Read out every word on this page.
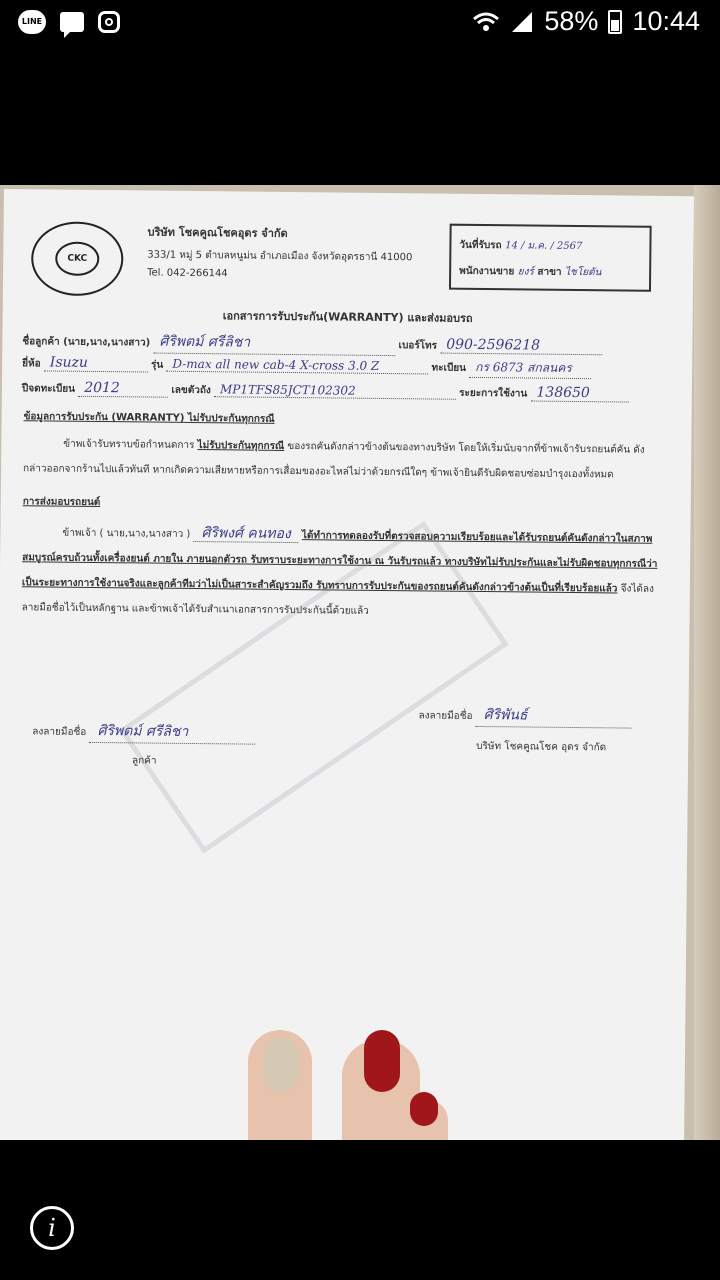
LINE	58% 10:44
CKC
บริษัท โชคคูณโชคอุดร จำกัด
333/1 หมู่ 5 ตำบลหนูม่น อำเภอเมือง จังหวัดอุดรธานี 41000
Tel. 042-266144
วันที่รับรถ 14 / ม.ค. / 2567
พนักงานขาย ยงร์ สาขา ไชโยตัน
เอกสารการรับประกัน(WARRANTY) และส่งมอบรถ
ชื่อลูกค้า (นาย,นาง,นางสาว) ศิริพตม์ ศรีลิชา	เบอร์โทร 090-2596218
ยี่ห้อ Isuzu	รุ่น D-max all new cab-4 X-cross 3.0 Z	ทะเบียน กร 6873 สกลนคร
ปีจดทะเบียน 2012	เลขตัวถัง MP1TFS85JCT102302	ระยะการใช้งาน 138650
ข้อมูลการรับประกัน (WARRANTY) ไม่รับประกันทุกกรณี
ข้าพเจ้ารับทราบข้อกำหนดการ ไม่รับประกันทุกกรณี ของรถคันดังกล่าวข้างต้นของทางบริษัท โดยให้เริ่มนับจากที่ข้าพเจ้ารับรถยนต์คัน ดังกล่าวออกจากร้านไปแล้วทันที หากเกิดความเสียหายหรือการเสื่อมของอะไหล่ไม่ว่าด้วยกรณีใดๆ ข้าพเจ้ายินดีรับผิดชอบซ่อมบำรุงเองทั้งหมด
การส่งมอบรถยนต์
ข้าพเจ้า ( นาย,นาง,นางสาว ) ศิริพงศ์ คนทอง ได้ทำการทดลองรับที่ตรวจสอบความเรียบร้อยและได้รับรถยนต์คันดังกล่าวในสภาพสมบูรณ์ครบถ้วนทั้งเครื่องยนต์ ภายใน ภายนอกตัวรถ รับทราบระยะทางการใช้งาน ณ วันรับรถแล้ว ทางบริษัทไม่รับประกันและไม่รับผิดชอบทุกกรณีว่าเป็นระยะทางการใช้งานจริงและลูกค้าทีมว่าไม่เป็นสาระสำคัญรวมถึง รับทราบการรับประกันของรถยนต์คันดังกล่าวข้างต้นเป็นที่เรียบร้อยแล้ว จึงได้ลงลายมือชื่อไว้เป็นหลักฐาน และข้าพเจ้าได้รับสำเนาเอกสารการรับประกันนี้ด้วยแล้ว
ลงลายมือชื่อ ศิริพตม์ ศรีลิชา
ลูกค้า
ลงลายมือชื่อ ศิริพันธ์
บริษัท โชคคูณโชค อุดร จำกัด
i
